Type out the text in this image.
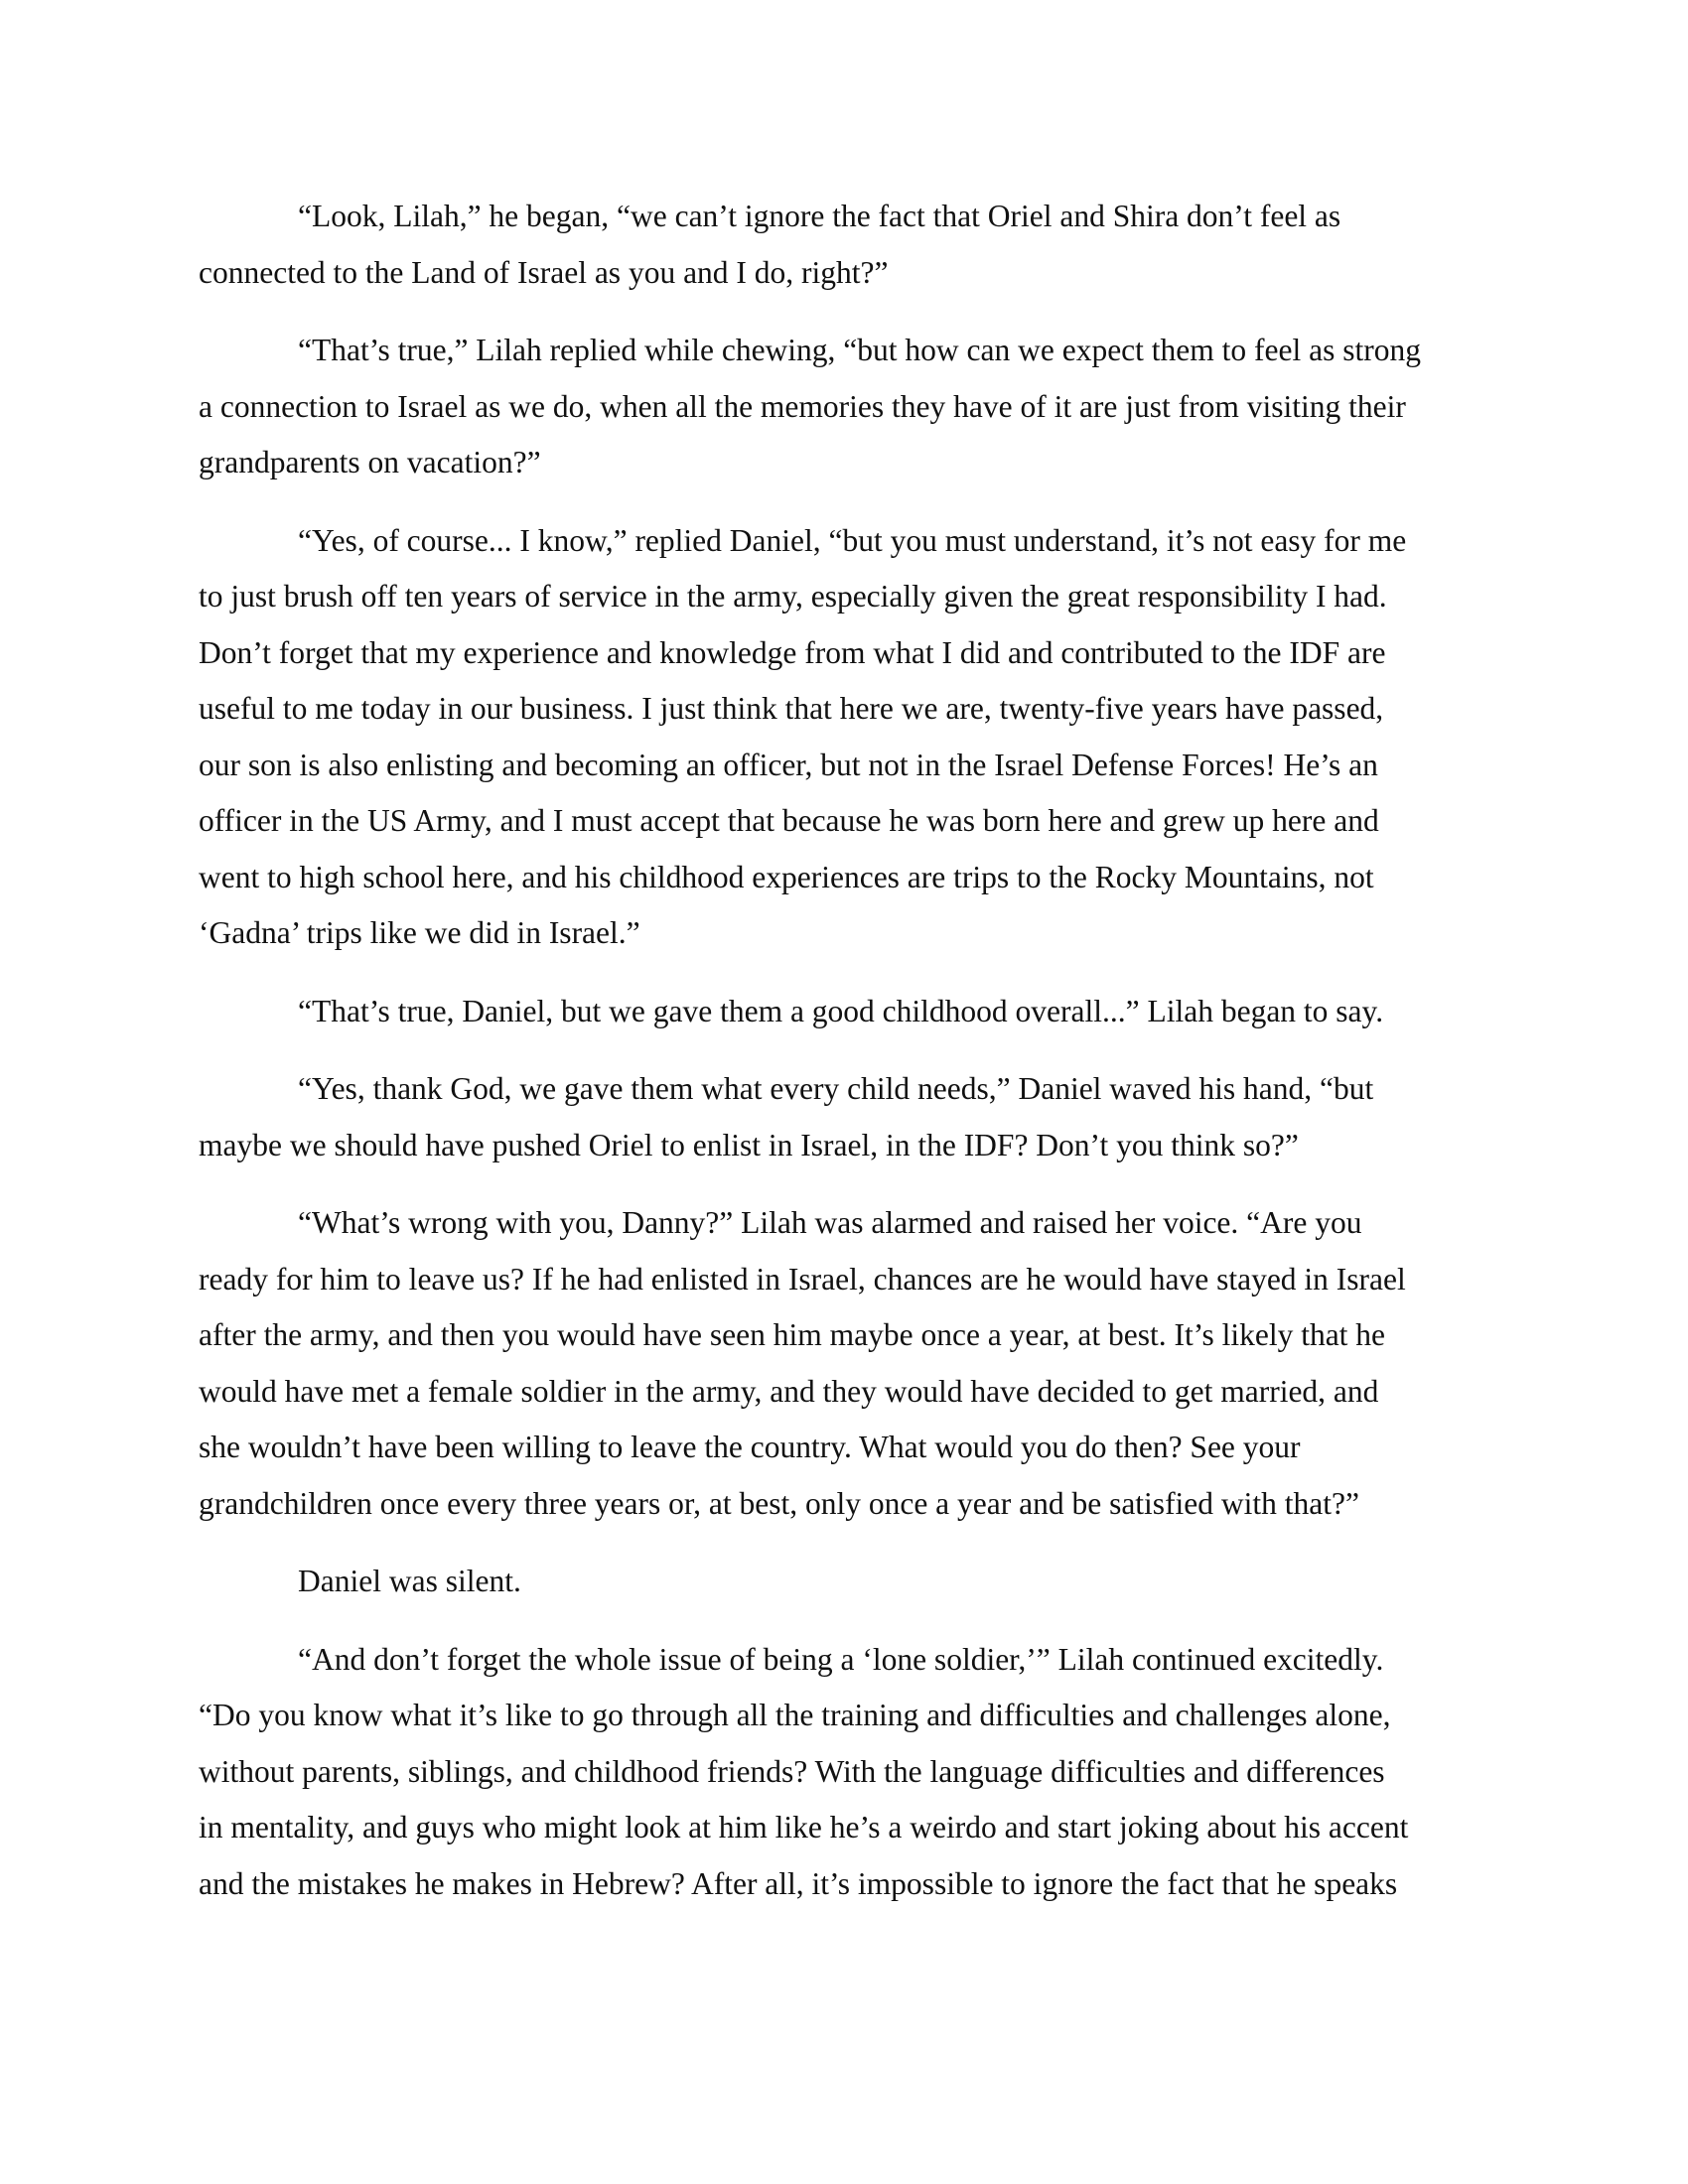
“Look, Lilah,” he began, “we can’t ignore the fact that Oriel and Shira don’t feel as
connected to the Land of Israel as you and I do, right?”
“That’s true,” Lilah replied while chewing, “but how can we expect them to feel as strong
a connection to Israel as we do, when all the memories they have of it are just from visiting their
grandparents on vacation?”
“Yes, of course... I know,” replied Daniel, “but you must understand, it’s not easy for me
to just brush off ten years of service in the army, especially given the great responsibility I had.
Don’t forget that my experience and knowledge from what I did and contributed to the IDF are
useful to me today in our business. I just think that here we are, twenty-five years have passed,
our son is also enlisting and becoming an officer, but not in the Israel Defense Forces! He’s an
officer in the US Army, and I must accept that because he was born here and grew up here and
went to high school here, and his childhood experiences are trips to the Rocky Mountains, not
‘Gadna’ trips like we did in Israel.”
“That’s true, Daniel, but we gave them a good childhood overall...” Lilah began to say.
“Yes, thank God, we gave them what every child needs,” Daniel waved his hand, “but
maybe we should have pushed Oriel to enlist in Israel, in the IDF? Don’t you think so?”
“What’s wrong with you, Danny?” Lilah was alarmed and raised her voice. “Are you
ready for him to leave us? If he had enlisted in Israel, chances are he would have stayed in Israel
after the army, and then you would have seen him maybe once a year, at best. It’s likely that he
would have met a female soldier in the army, and they would have decided to get married, and
she wouldn’t have been willing to leave the country. What would you do then? See your
grandchildren once every three years or, at best, only once a year and be satisfied with that?”
Daniel was silent.
“And don’t forget the whole issue of being a ‘lone soldier,’” Lilah continued excitedly.
“Do you know what it’s like to go through all the training and difficulties and challenges alone,
without parents, siblings, and childhood friends? With the language difficulties and differences
in mentality, and guys who might look at him like he’s a weirdo and start joking about his accent
and the mistakes he makes in Hebrew? After all, it’s impossible to ignore the fact that he speaks
